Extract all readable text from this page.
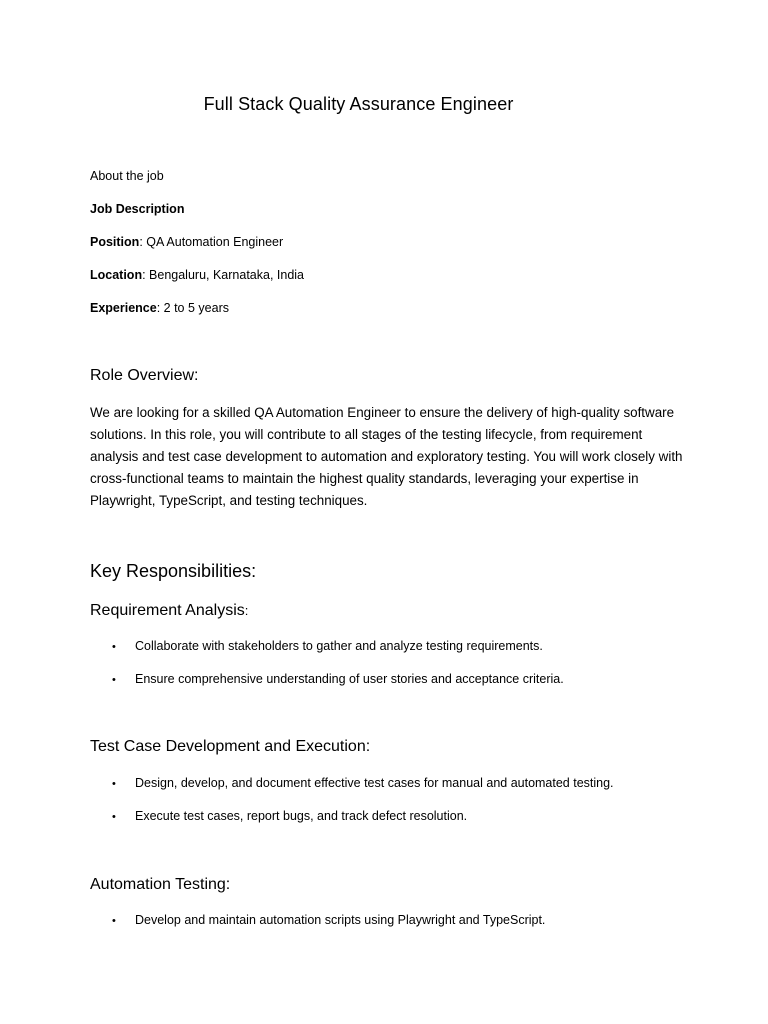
Full Stack Quality Assurance Engineer
About the job
Job Description
Position: QA Automation Engineer
Location: Bengaluru, Karnataka, India
Experience: 2 to 5 years
Role Overview:
We are looking for a skilled QA Automation Engineer to ensure the delivery of high-quality software solutions. In this role, you will contribute to all stages of the testing lifecycle, from requirement analysis and test case development to automation and exploratory testing. You will work closely with cross-functional teams to maintain the highest quality standards, leveraging your expertise in Playwright, TypeScript, and testing techniques.
Key Responsibilities:
Requirement Analysis:
• Collaborate with stakeholders to gather and analyze testing requirements.
• Ensure comprehensive understanding of user stories and acceptance criteria.
Test Case Development and Execution:
• Design, develop, and document effective test cases for manual and automated testing.
• Execute test cases, report bugs, and track defect resolution.
Automation Testing:
• Develop and maintain automation scripts using Playwright and TypeScript.
